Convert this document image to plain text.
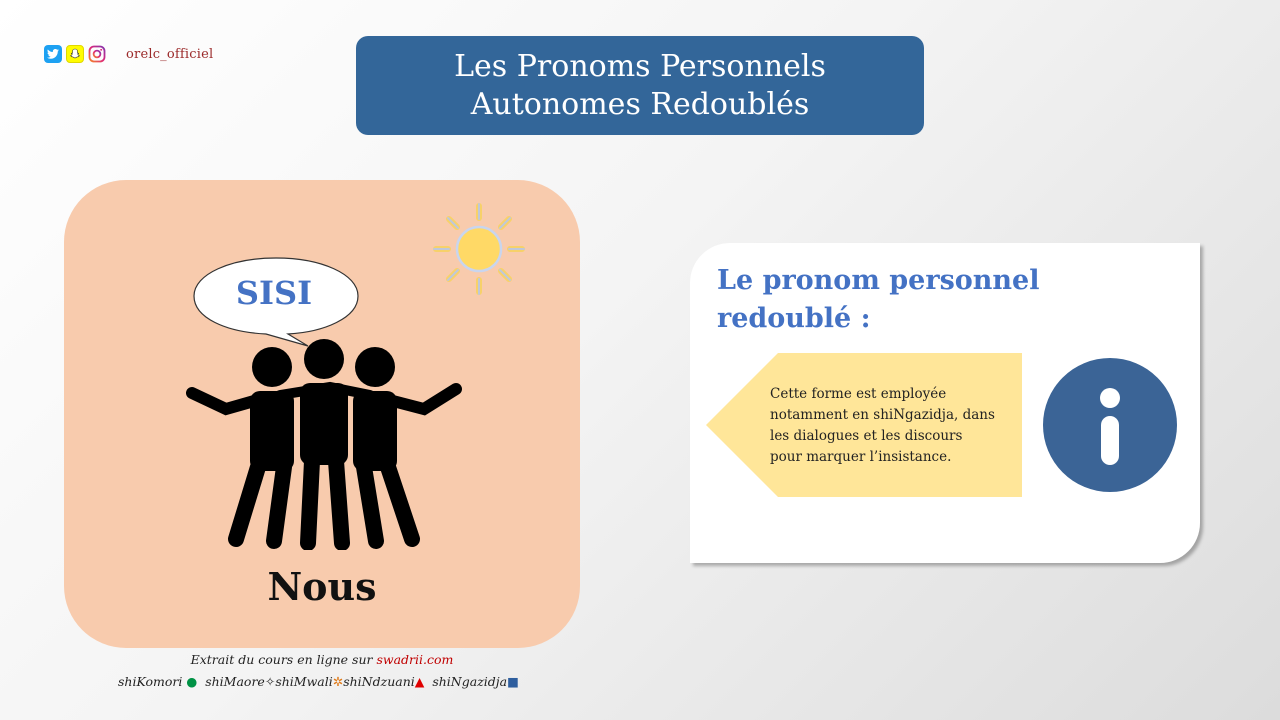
orelc_officiel	Les Pronoms Personnels
Autonomes Redoublés
SISI
Nous
Extrait du cours en ligne sur swadrii.com
shiKomori ● shiMaore✧shiMwali✲shiNdzuani▲ shiNgazidja■
Le pronom personnel
redoublé :
Cette forme est employée
notamment en shiNgazidja, dans
les dialogues et les discours
pour marquer l’insistance.
